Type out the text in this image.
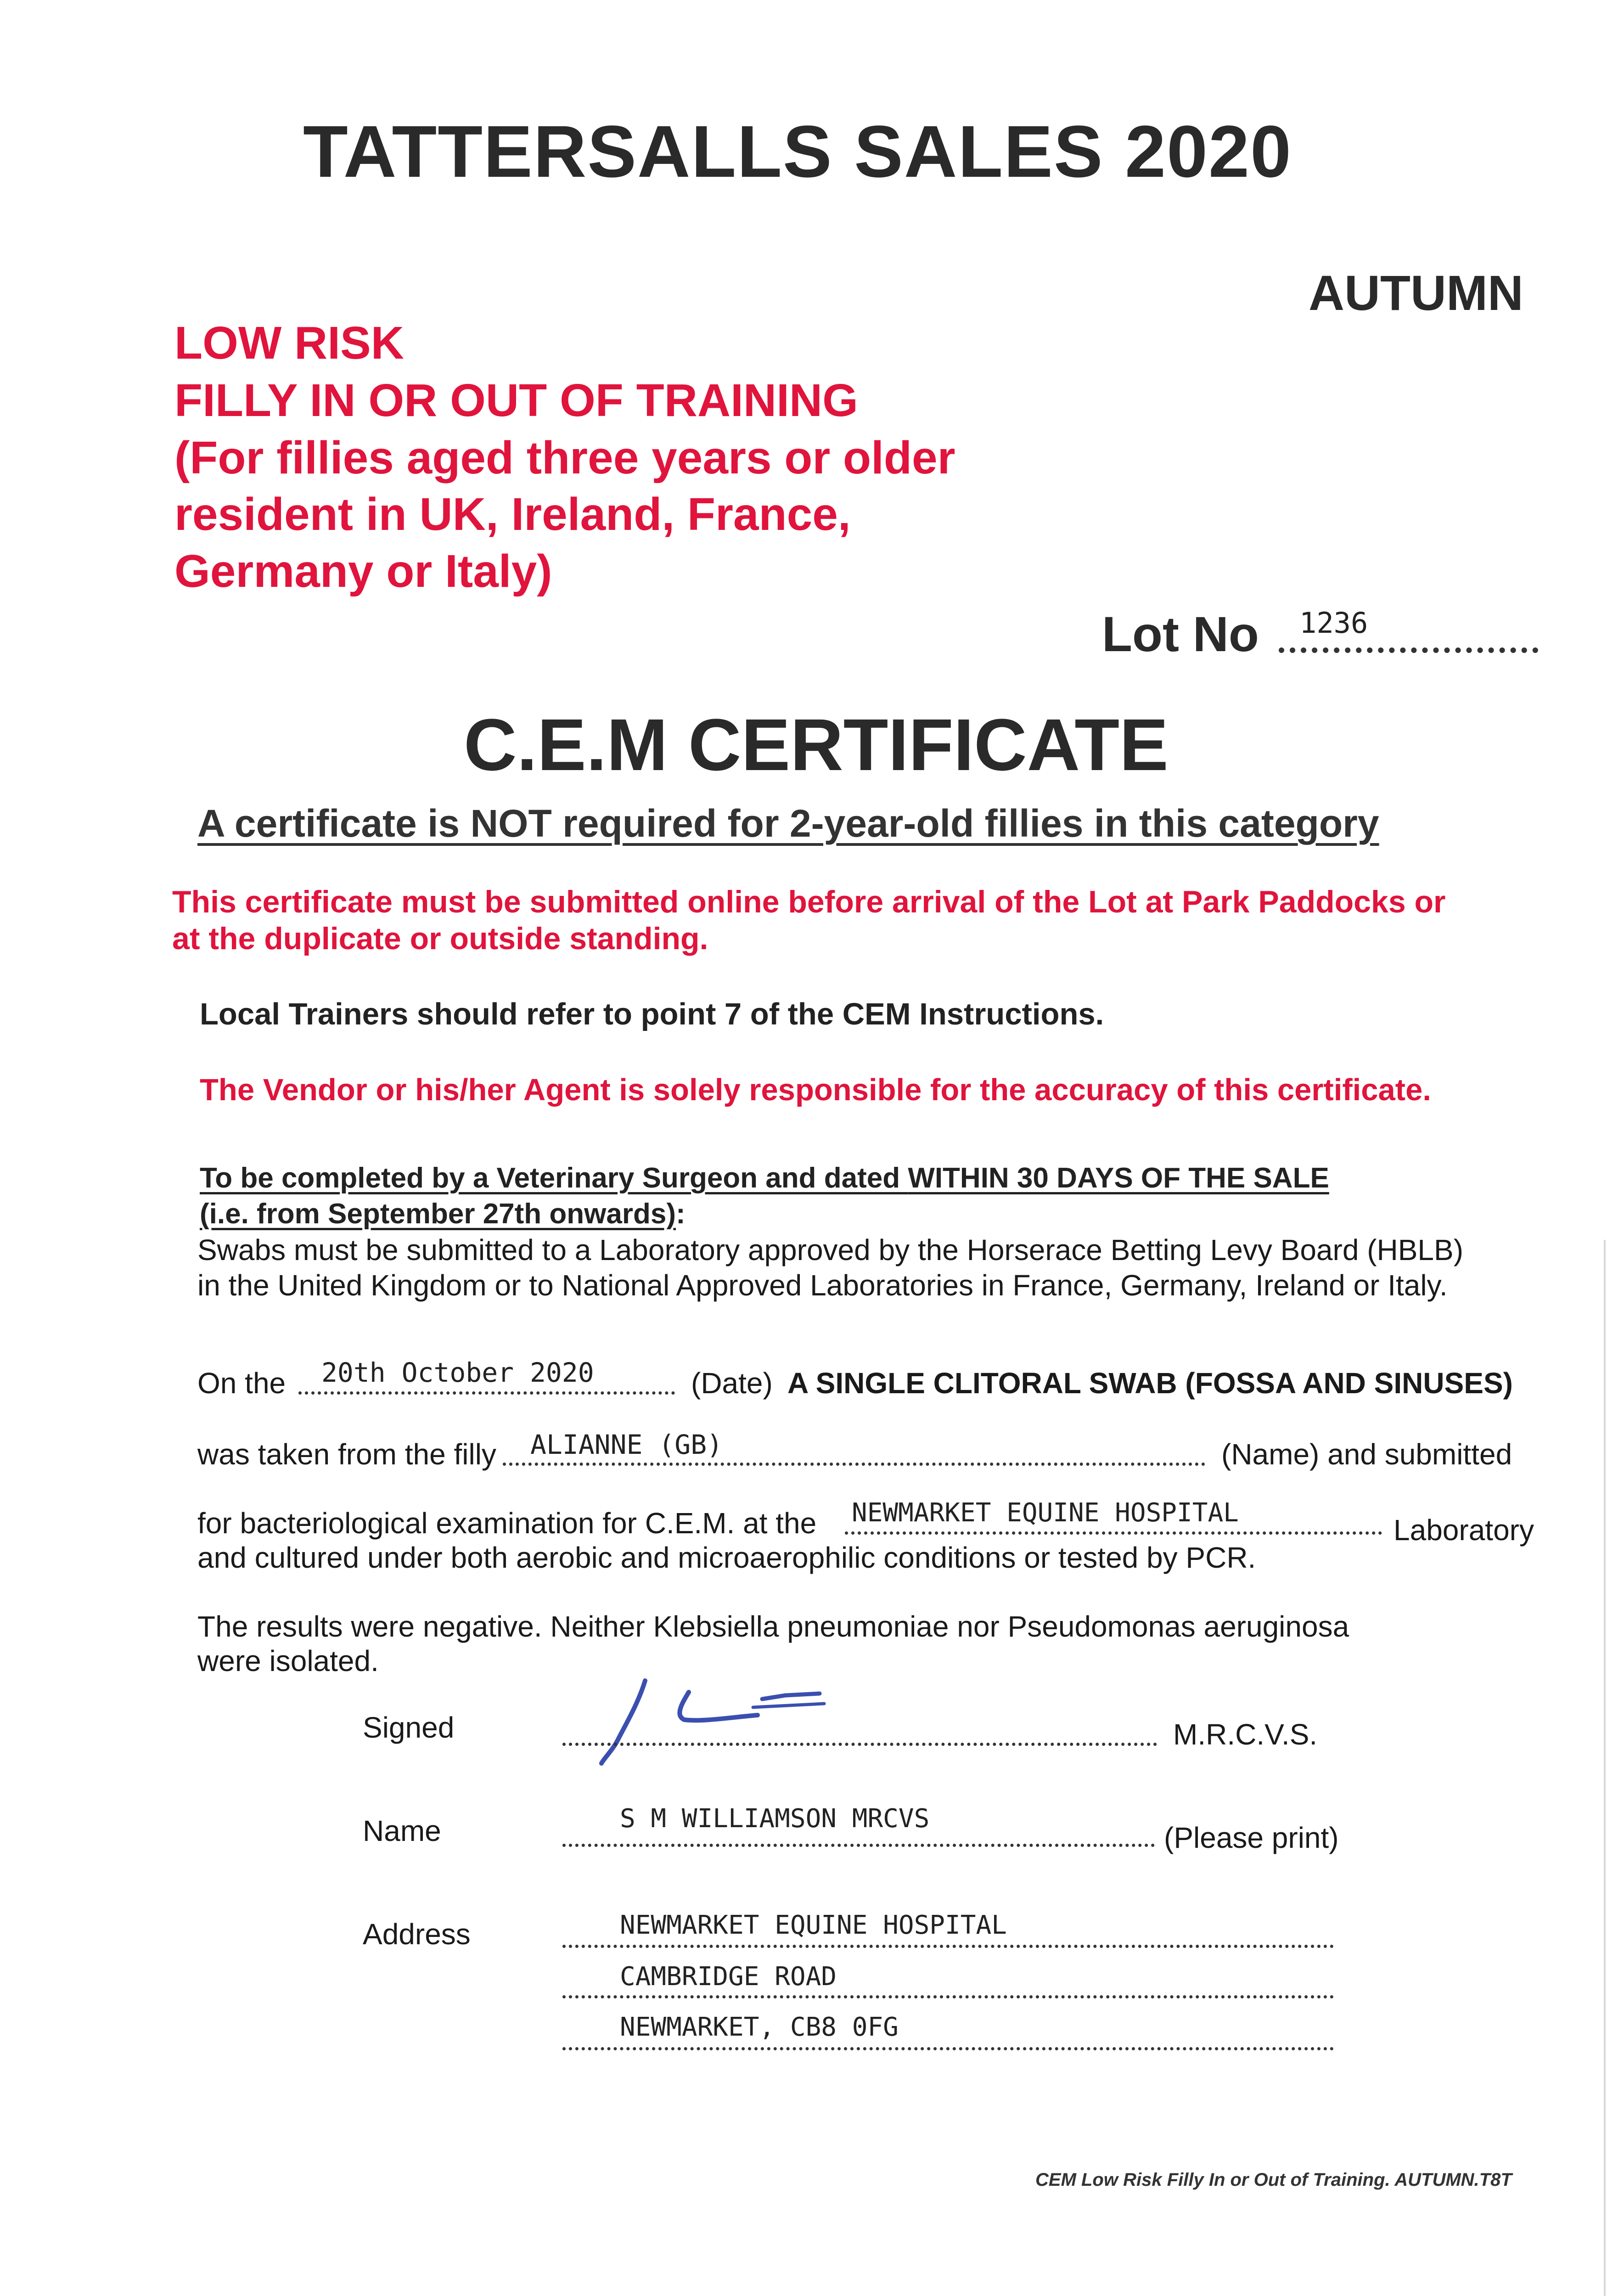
TATTERSALLS SALES 2020
AUTUMN
LOW RISK
FILLY IN OR OUT OF TRAINING
(For fillies aged three years or older
resident in UK, Ireland, France,
Germany or Italy)
Lot No 1236
C.E.M CERTIFICATE
A certificate is NOT required for 2-year-old fillies in this category
This certificate must be submitted online before arrival of the Lot at Park Paddocks or
at the duplicate or outside standing.
Local Trainers should refer to point 7 of the CEM Instructions.
The Vendor or his/her Agent is solely responsible for the accuracy of this certificate.
To be completed by a Veterinary Surgeon and dated WITHIN 30 DAYS OF THE SALE
(i.e. from September 27th onwards):
Swabs must be submitted to a Laboratory approved by the Horserace Betting Levy Board (HBLB)
in the United Kingdom or to National Approved Laboratories in France, Germany, Ireland or Italy.
On the 20th October 2020	(Date) A SINGLE CLITORAL SWAB (FOSSA AND SINUSES)
was taken from the filly ALIANNE (GB)	(Name) and submitted
for bacteriological examination for C.E.M. at the NEWMARKET EQUINE HOSPITAL
Laboratory
and cultured under both aerobic and microaerophilic conditions or tested by PCR.
The results were negative. Neither Klebsiella pneumoniae nor Pseudomonas aeruginosa
were isolated.
Signed	M.R.C.V.S.
Name	S M WILLIAMSON MRCVS
(Please print)
Address	NEWMARKET EQUINE HOSPITAL
CAMBRIDGE ROAD
NEWMARKET, CB8 0FG
CEM Low Risk Filly In or Out of Training. AUTUMN.T8T
